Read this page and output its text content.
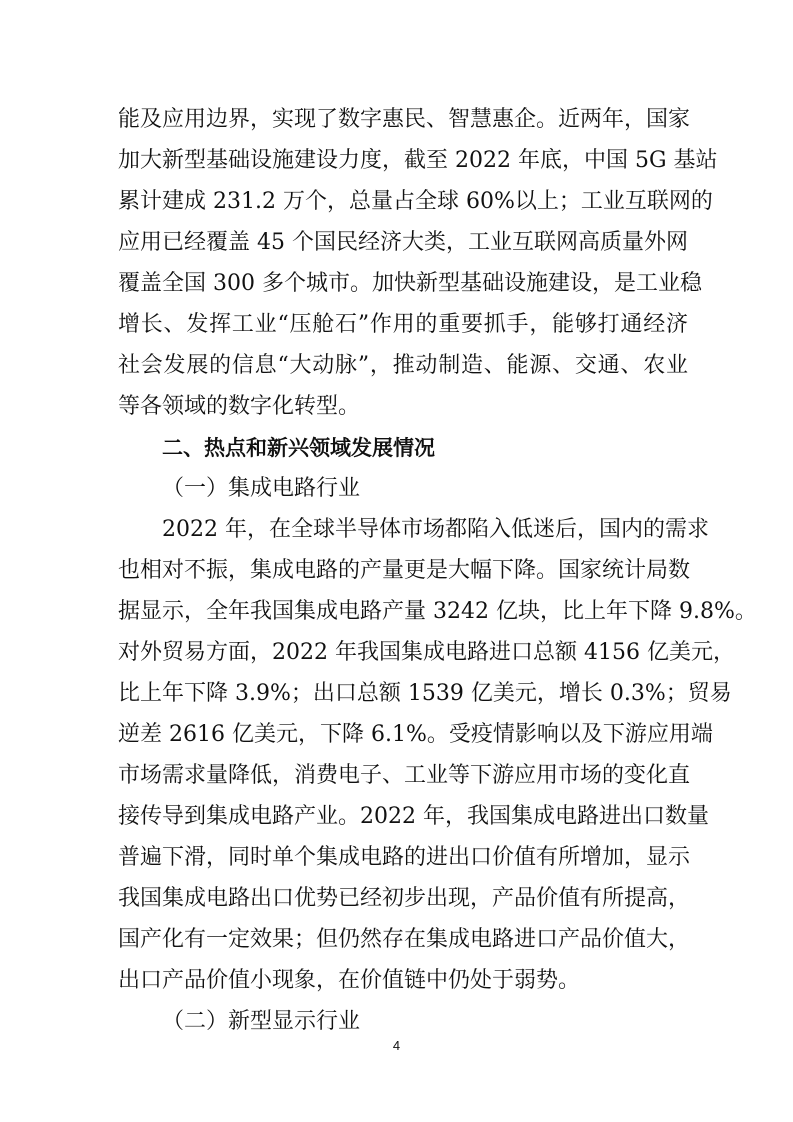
能及应用边界，实现了数字惠民、智慧惠企。近两年，国家
加大新型基础设施建设力度，截至 2022 年底，中国 5G 基站
累计建成 231.2 万个，总量占全球 60%以上；工业互联网的
应用已经覆盖 45 个国民经济大类，工业互联网高质量外网
覆盖全国 300 多个城市。加快新型基础设施建设，是工业稳
增长、发挥工业“压舱石”作用的重要抓手，能够打通经济
社会发展的信息“大动脉”，推动制造、能源、交通、农业
等各领域的数字化转型。
二、热点和新兴领域发展情况
（一）集成电路行业
2022 年，在全球半导体市场都陷入低迷后，国内的需求
也相对不振，集成电路的产量更是大幅下降。国家统计局数
据显示，全年我国集成电路产量 3242 亿块，比上年下降 9.8%。
对外贸易方面，2022 年我国集成电路进口总额 4156 亿美元，
比上年下降 3.9%；出口总额 1539 亿美元，增长 0.3%；贸易
逆差 2616 亿美元，下降 6.1%。受疫情影响以及下游应用端
市场需求量降低，消费电子、工业等下游应用市场的变化直
接传导到集成电路产业。2022 年，我国集成电路进出口数量
普遍下滑，同时单个集成电路的进出口价值有所增加，显示
我国集成电路出口优势已经初步出现，产品价值有所提高，
国产化有一定效果；但仍然存在集成电路进口产品价值大，
出口产品价值小现象，在价值链中仍处于弱势。
（二）新型显示行业
4
